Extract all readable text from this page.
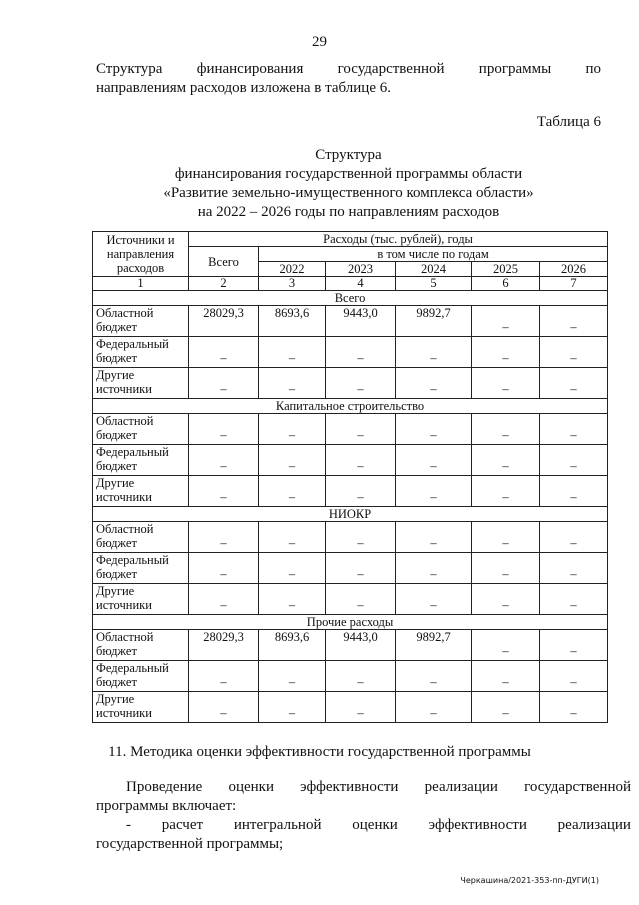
29
Структура финансирования государственной программы по
направлениям расходов изложена в таблице 6.
Таблица 6
Структура
финансирования государственной программы области
«Развитие земельно-имущественного комплекса области»
на 2022 – 2026 годы по направлениям расходов
Источники и направления расходов	Расходы (тыс. рублей), годы					
	Всего	в том числе по годам				
		2022	2023	2024	2025	2026
1	2	3	4	5	6	7
Всего						
Областной бюджет	28029,3	8693,6	9443,0	9892,7	–	–
Федеральный бюджет	–	–	–	–	–	–
Другие источники	–	–	–	–	–	–
Капитальное строительство						
Областной бюджет	–	–	–	–	–	–
Федеральный бюджет	–	–	–	–	–	–
Другие источники	–	–	–	–	–	–
НИОКР						
Областной бюджет	–	–	–	–	–	–
Федеральный бюджет	–	–	–	–	–	–
Другие источники	–	–	–	–	–	–
Прочие расходы						
Областной бюджет	28029,3	8693,6	9443,0	9892,7	–	–
Федеральный бюджет	–	–	–	–	–	–
Другие источники	–	–	–	–	–	–
11. Методика оценки эффективности государственной программы
Проведение оценки эффективности реализации государственной
программы включает:
- расчет интегральной оценки эффективности реализации
государственной программы;
Черкашина/2021-353-пп-ДУГИ(1)
